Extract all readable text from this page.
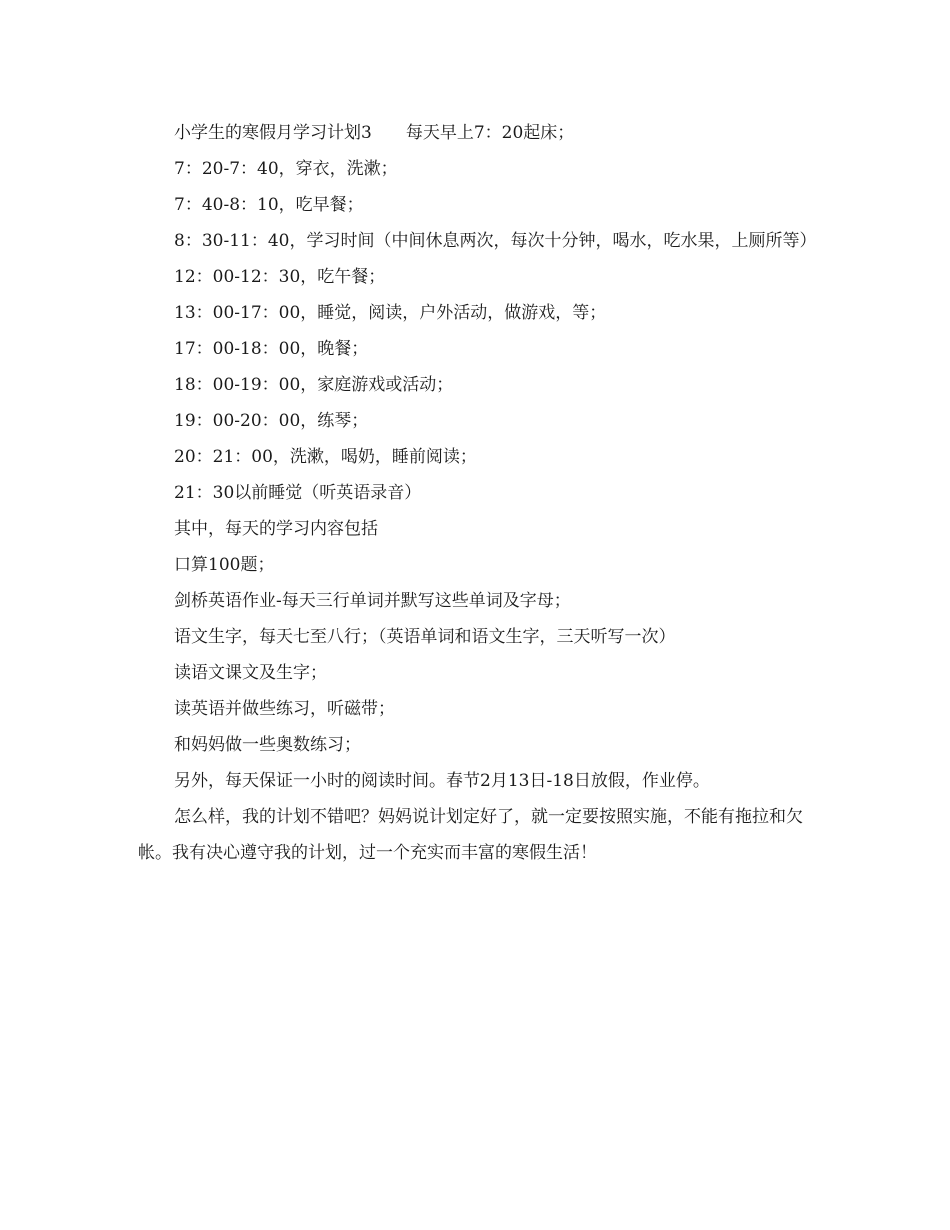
小学生的寒假月学习计划3　　每天早上7：20起床；

7：20-7：40，穿衣，洗漱；

7：40-8：10，吃早餐；

8：30-11：40，学习时间（中间休息两次，每次十分钟，喝水，吃水果，上厕所等）

12：00-12：30，吃午餐；

13：00-17：00，睡觉，阅读，户外活动，做游戏，等；

17：00-18：00，晚餐；

18：00-19：00，家庭游戏或活动；

19：00-20：00，练琴；

20：21：00，洗漱，喝奶，睡前阅读；

21：30以前睡觉（听英语录音）

其中，每天的学习内容包括

口算100题；

剑桥英语作业-每天三行单词并默写这些单词及字母；

语文生字，每天七至八行；（英语单词和语文生字，三天听写一次）

读语文课文及生字；

读英语并做些练习，听磁带；

和妈妈做一些奥数练习；

另外，每天保证一小时的阅读时间。春节2月13日-18日放假，作业停。

怎么样，我的计划不错吧？妈妈说计划定好了，就一定要按照实施，不能有拖拉和欠帐。我有决心遵守我的计划，过一个充实而丰富的寒假生活！
